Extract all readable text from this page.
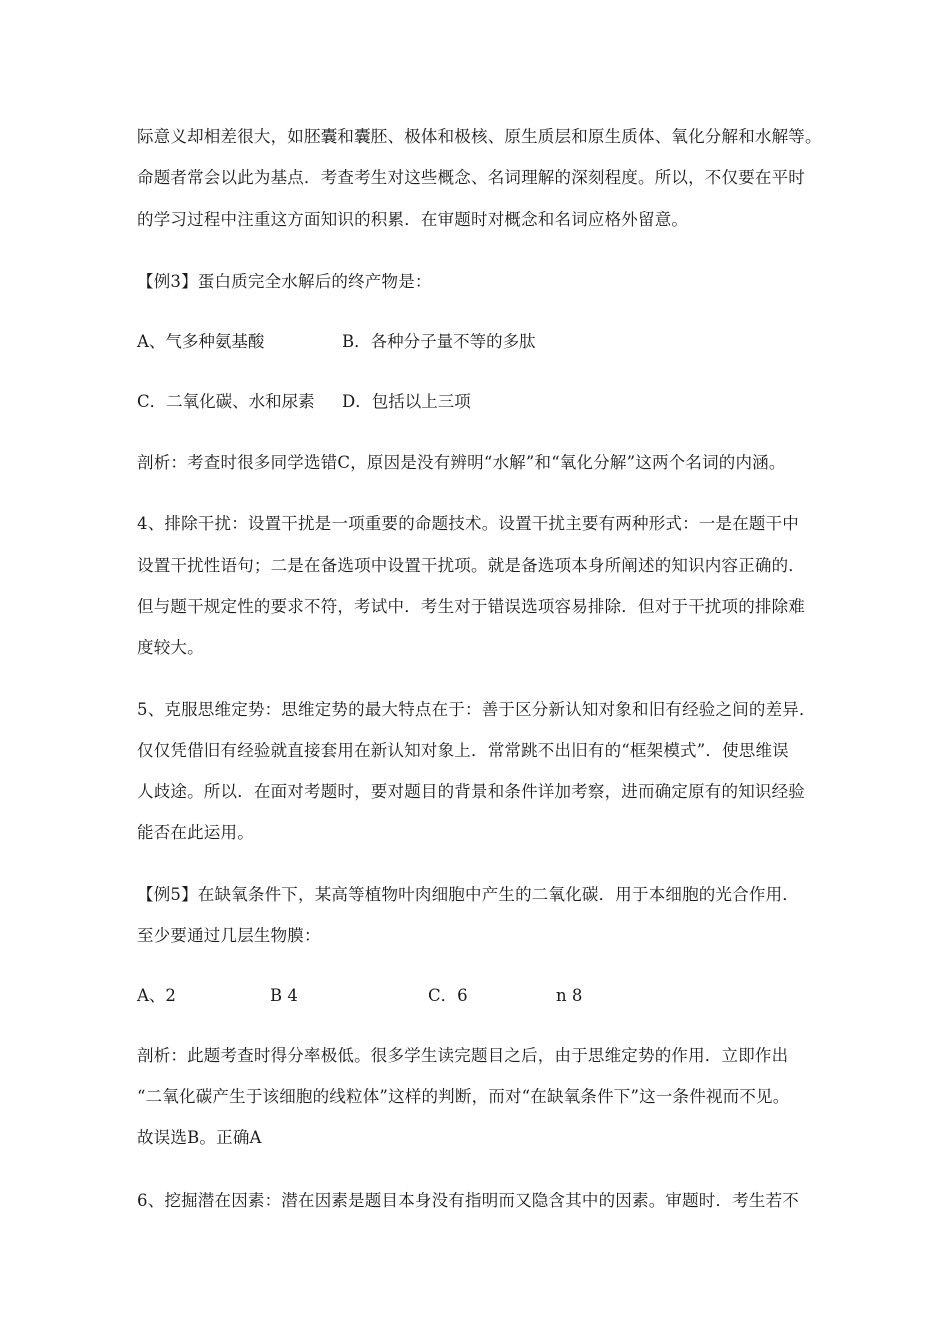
际意义却相差很大，如胚囊和囊胚、极体和极核、原生质层和原生质体、氧化分解和水解等。
命题者常会以此为基点．考查考生对这些概念、名词理解的深刻程度。所以，不仅要在平时
的学习过程中注重这方面知识的积累．在审题时对概念和名词应格外留意。
【例3】蛋白质完全水解后的终产物是：
A、气多种氨基酸	B．各种分子量不等的多肽
C．二氧化碳、水和尿素 D．包括以上三项
剖析：考查时很多同学选错C，原因是没有辨明“水解”和“氧化分解”这两个名词的内涵。
4、排除干扰：设置干扰是一项重要的命题技术。设置干扰主要有两种形式：一是在题干中
设置干扰性语句；二是在备选项中设置干扰项。就是备选项本身所阐述的知识内容正确的．
但与题干规定性的要求不符，考试中．考生对于错误选项容易排除．但对于干扰项的排除难
度较大。
5、克服思维定势：思维定势的最大特点在于：善于区分新认知对象和旧有经验之间的差异．
仅仅凭借旧有经验就直接套用在新认知对象上．常常跳不出旧有的“框架模式”．使思维误
人歧途。所以．在面对考题时，要对题目的背景和条件详加考察，进而确定原有的知识经验
能否在此运用。
【例5】在缺氧条件下，某高等植物叶肉细胞中产生的二氧化碳．用于本细胞的光合作用．
至少要通过几层生物膜：
A、2	B 4	C．6	n 8
剖析：此题考查时得分率极低。很多学生读完题目之后，由于思维定势的作用．立即作出
“二氧化碳产生于该细胞的线粒体”这样的判断，而对“在缺氧条件下”这一条件视而不见。
故误选B。正确A
6、挖掘潜在因素：潜在因素是题目本身没有指明而又隐含其中的因素。审题时．考生若不
